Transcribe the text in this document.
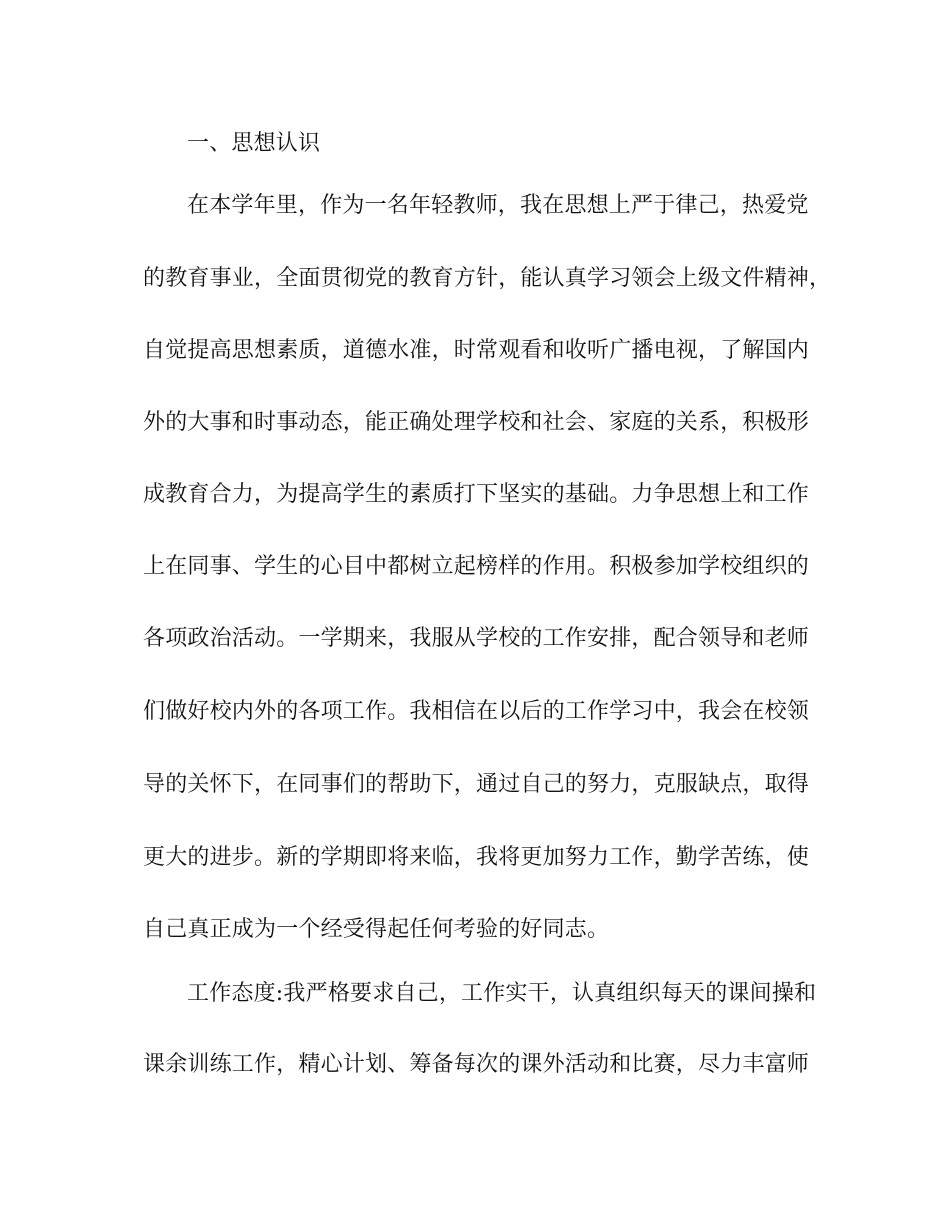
一、思想认识
在本学年里，作为一名年轻教师，我在思想上严于律己，热爱党
的教育事业，全面贯彻党的教育方针，能认真学习领会上级文件精神，
自觉提高思想素质，道德水准，时常观看和收听广播电视，了解国内
外的大事和时事动态，能正确处理学校和社会、家庭的关系，积极形
成教育合力，为提高学生的素质打下坚实的基础。力争思想上和工作
上在同事、学生的心目中都树立起榜样的作用。积极参加学校组织的
各项政治活动。一学期来，我服从学校的工作安排，配合领导和老师
们做好校内外的各项工作。我相信在以后的工作学习中，我会在校领
导的关怀下，在同事们的帮助下，通过自己的努力，克服缺点，取得
更大的进步。新的学期即将来临，我将更加努力工作，勤学苦练，使
自己真正成为一个经受得起任何考验的好同志。
工作态度:我严格要求自己，工作实干，认真组织每天的课间操和
课余训练工作，精心计划、筹备每次的课外活动和比赛，尽力丰富师
